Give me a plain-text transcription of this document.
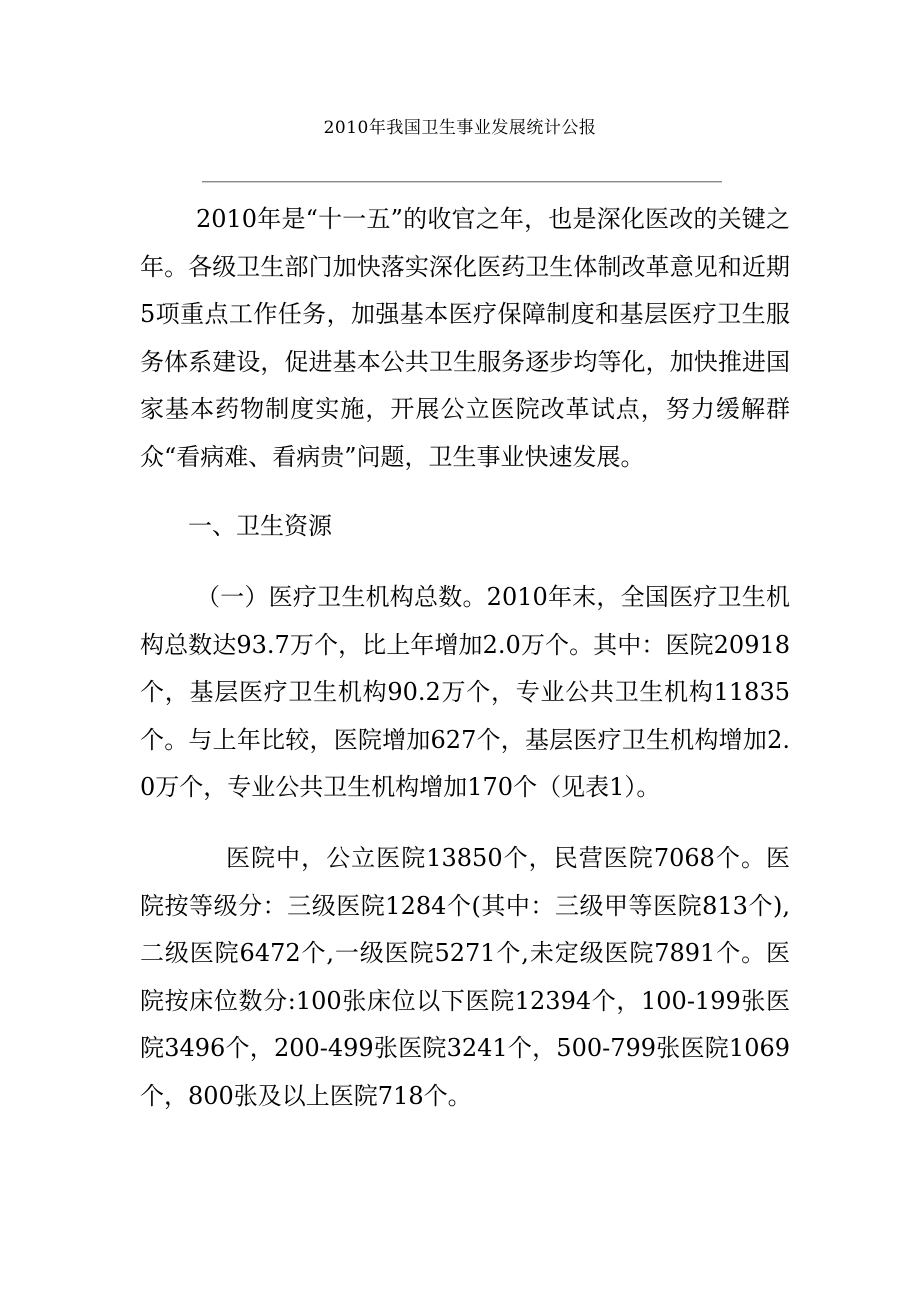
2010年我国卫生事业发展统计公报

2010年是“十一五”的收官之年，也是深化医改的关键之年。各级卫生部门加快落实深化医药卫生体制改革意见和近期5项重点工作任务，加强基本医疗保障制度和基层医疗卫生服务体系建设，促进基本公共卫生服务逐步均等化，加快推进国家基本药物制度实施，开展公立医院改革试点，努力缓解群众“看病难、看病贵”问题，卫生事业快速发展。

一、卫生资源

（一）医疗卫生机构总数。2010年末，全国医疗卫生机构总数达93.7万个，比上年增加2.0万个。其中：医院20918个，基层医疗卫生机构90.2万个，专业公共卫生机构11835个。与上年比较，医院增加627个，基层医疗卫生机构增加2.0万个，专业公共卫生机构增加170个（见表1）。

医院中，公立医院13850个，民营医院7068个。医院按等级分：三级医院1284个(其中：三级甲等医院813个),二级医院6472个,一级医院5271个,未定级医院7891个。医院按床位数分:100张床位以下医院12394个，100-199张医院3496个，200-499张医院3241个，500-799张医院1069个，800张及以上医院718个。
